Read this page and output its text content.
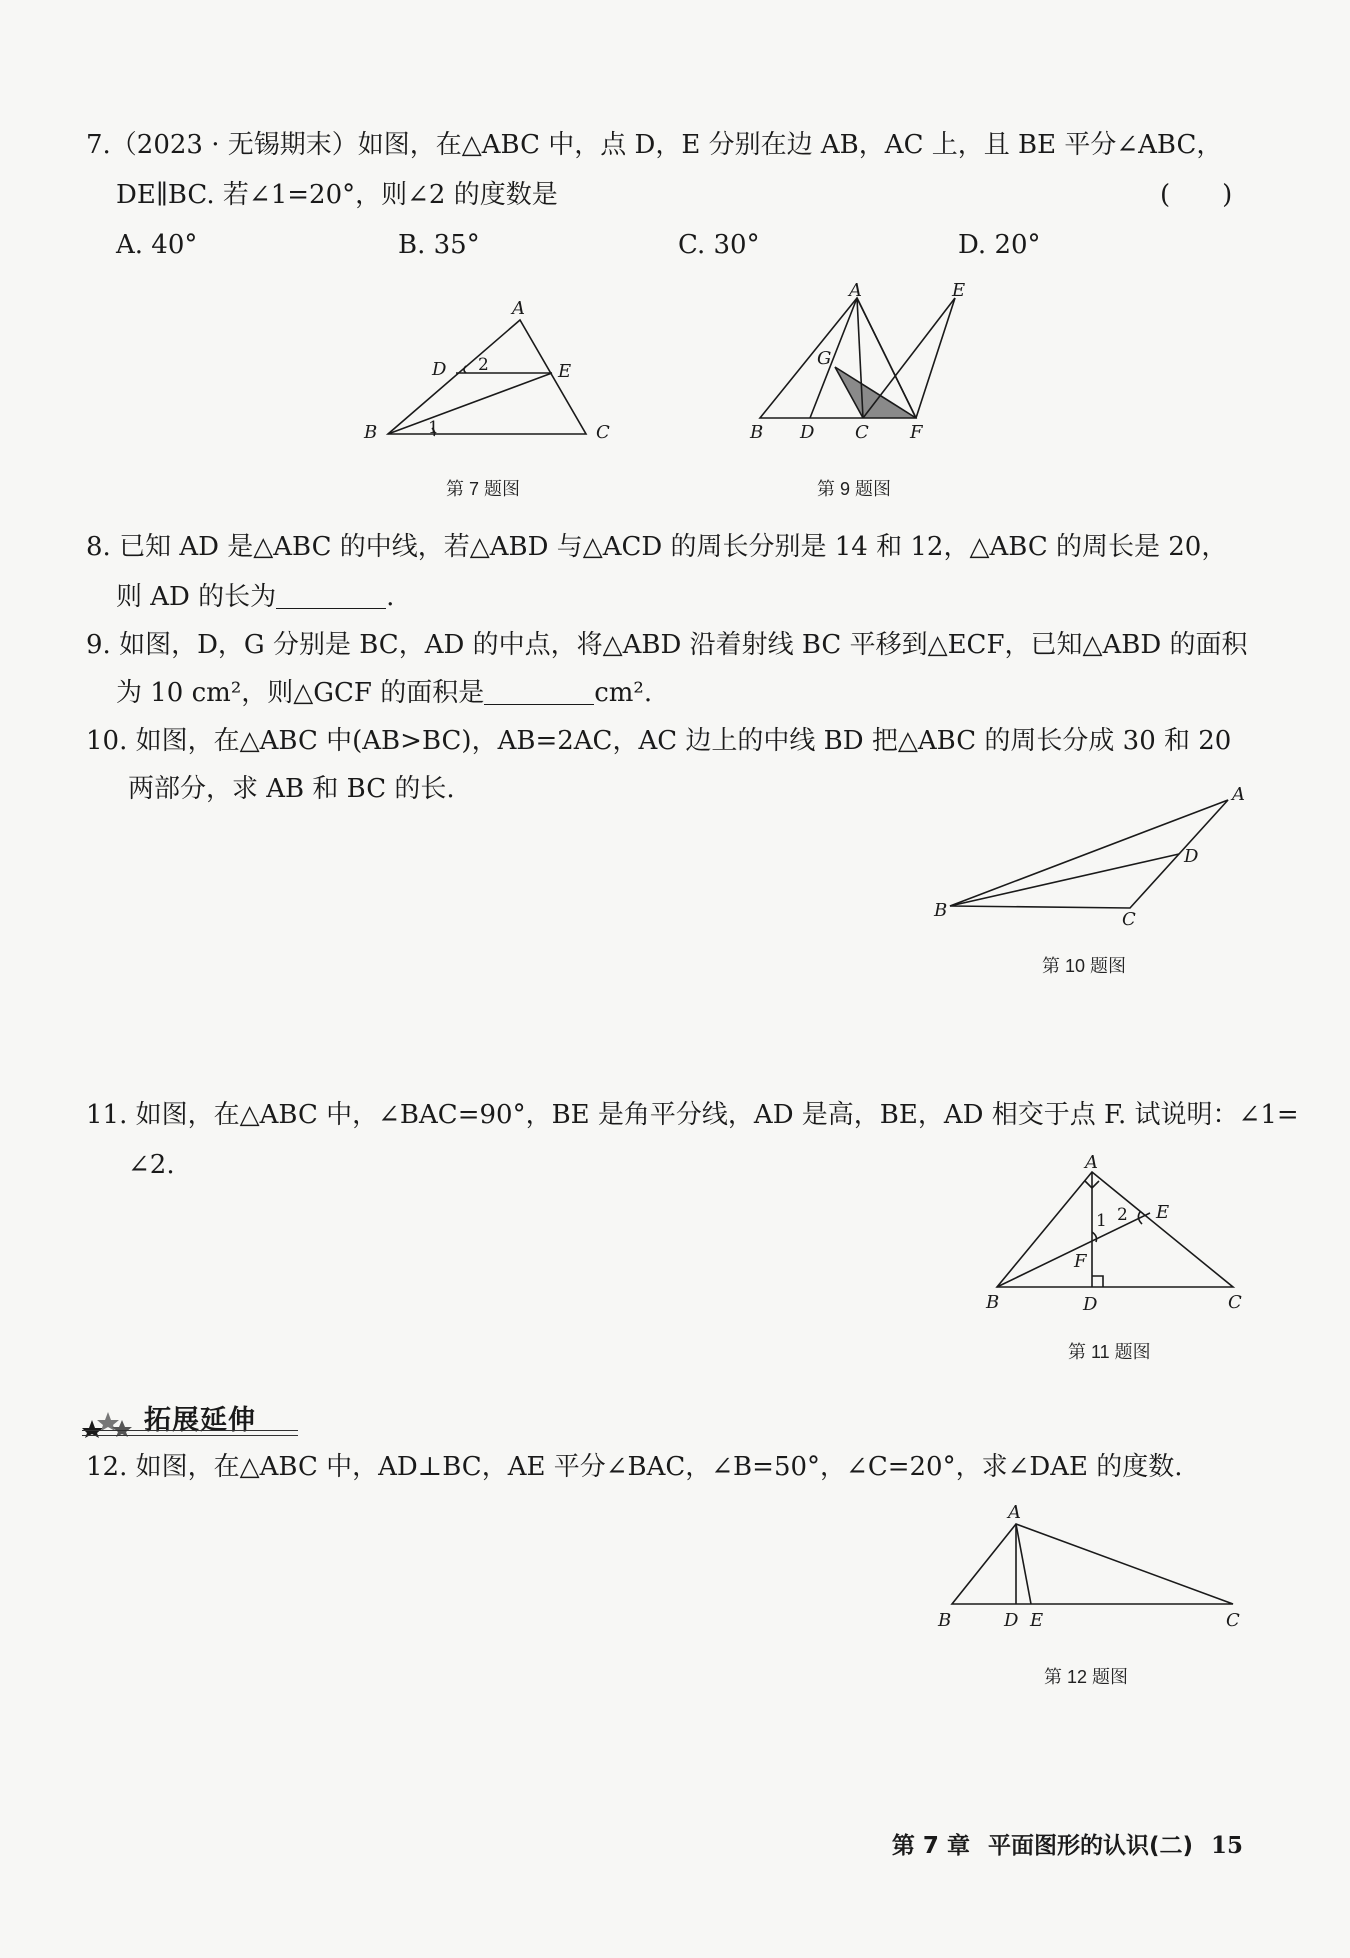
7.（2023 · 无锡期末）如图，在△ABC 中，点 D，E 分别在边 AB，AC 上，且 BE 平分∠ABC，
DE∥BC. 若∠1=20°，则∠2 的度数是	(　　)
A. 40°	B. 35°	C. 30°	D. 20°
A
B	C
D	E
1
2
A	E
G
B D C F
A
D
B	C
A
E
B	D	C
F
1 2
A
B	D E	C
第 7 题图	第 9 题图
8. 已知 AD 是△ABC 的中线，若△ABD 与△ACD 的周长分别是 14 和 12，△ABC 的周长是 20，
则 AD 的长为	.
9. 如图，D，G 分别是 BC，AD 的中点，将△ABD 沿着射线 BC 平移到△ECF，已知△ABD 的面积
为 10 cm²，则△GCF 的面积是	cm².
10. 如图，在△ABC 中(AB>BC)，AB=2AC，AC 边上的中线 BD 把△ABC 的周长分成 30 和 20
两部分，求 AB 和 BC 的长.
第 10 题图
11. 如图，在△ABC 中，∠BAC=90°，BE 是角平分线，AD 是高，BE，AD 相交于点 F. 试说明：∠1=
∠2.
第 11 题图
拓展延伸
12. 如图，在△ABC 中，AD⊥BC，AE 平分∠BAC，∠B=50°，∠C=20°，求∠DAE 的度数.
第 12 题图
第 7 章 平面图形的认识(二) 15
